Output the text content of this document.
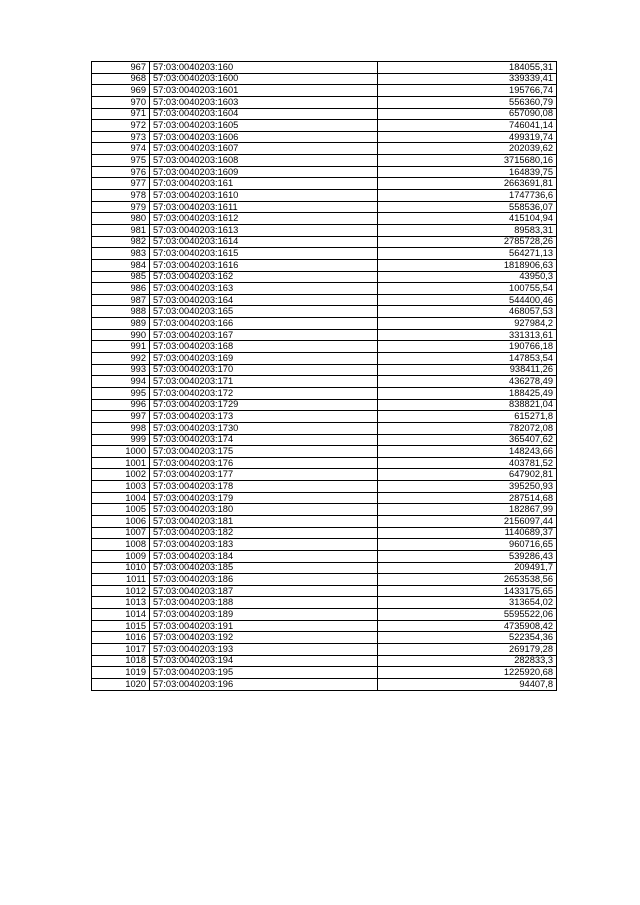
967	57:03:0040203:160	184055,31
968	57:03:0040203:1600	339339,41
969	57:03:0040203:1601	195766,74
970	57:03:0040203:1603	556360,79
971	57:03:0040203:1604	657090,08
972	57:03:0040203:1605	746041,14
973	57:03:0040203:1606	499319,74
974	57:03:0040203:1607	202039,62
975	57:03:0040203:1608	3715680,16
976	57:03:0040203:1609	164839,75
977	57:03:0040203:161	2663691,81
978	57:03:0040203:1610	1747736,6
979	57:03:0040203:1611	558536,07
980	57:03:0040203:1612	415104,94
981	57:03:0040203:1613	89583,31
982	57:03:0040203:1614	2785728,26
983	57:03:0040203:1615	564271,13
984	57:03:0040203:1616	1818906,63
985	57:03:0040203:162	43950,3
986	57:03:0040203:163	100755,54
987	57:03:0040203:164	544400,46
988	57:03:0040203:165	468057,53
989	57:03:0040203:166	927984,2
990	57:03:0040203:167	331313,61
991	57:03:0040203:168	190766,18
992	57:03:0040203:169	147853,54
993	57:03:0040203:170	938411,26
994	57:03:0040203:171	436278,49
995	57:03:0040203:172	188425,49
996	57:03:0040203:1729	838821,04
997	57:03:0040203:173	615271,8
998	57:03:0040203:1730	782072,08
999	57:03:0040203:174	365407,62
1000	57:03:0040203:175	148243,66
1001	57:03:0040203:176	403781,52
1002	57:03:0040203:177	647902,81
1003	57:03:0040203:178	395250,93
1004	57:03:0040203:179	287514,68
1005	57:03:0040203:180	182867,99
1006	57:03:0040203:181	2156097,44
1007	57:03:0040203:182	1140689,37
1008	57:03:0040203:183	960716,65
1009	57:03:0040203:184	539286,43
1010	57:03:0040203:185	209491,7
1011	57:03:0040203:186	2653538,56
1012	57:03:0040203:187	1433175,65
1013	57:03:0040203:188	313654,02
1014	57:03:0040203:189	5595522,06
1015	57:03:0040203:191	4735908,42
1016	57:03:0040203:192	522354,36
1017	57:03:0040203:193	269179,28
1018	57:03:0040203:194	282833,3
1019	57:03:0040203:195	1225920,68
1020	57:03:0040203:196	94407,8
